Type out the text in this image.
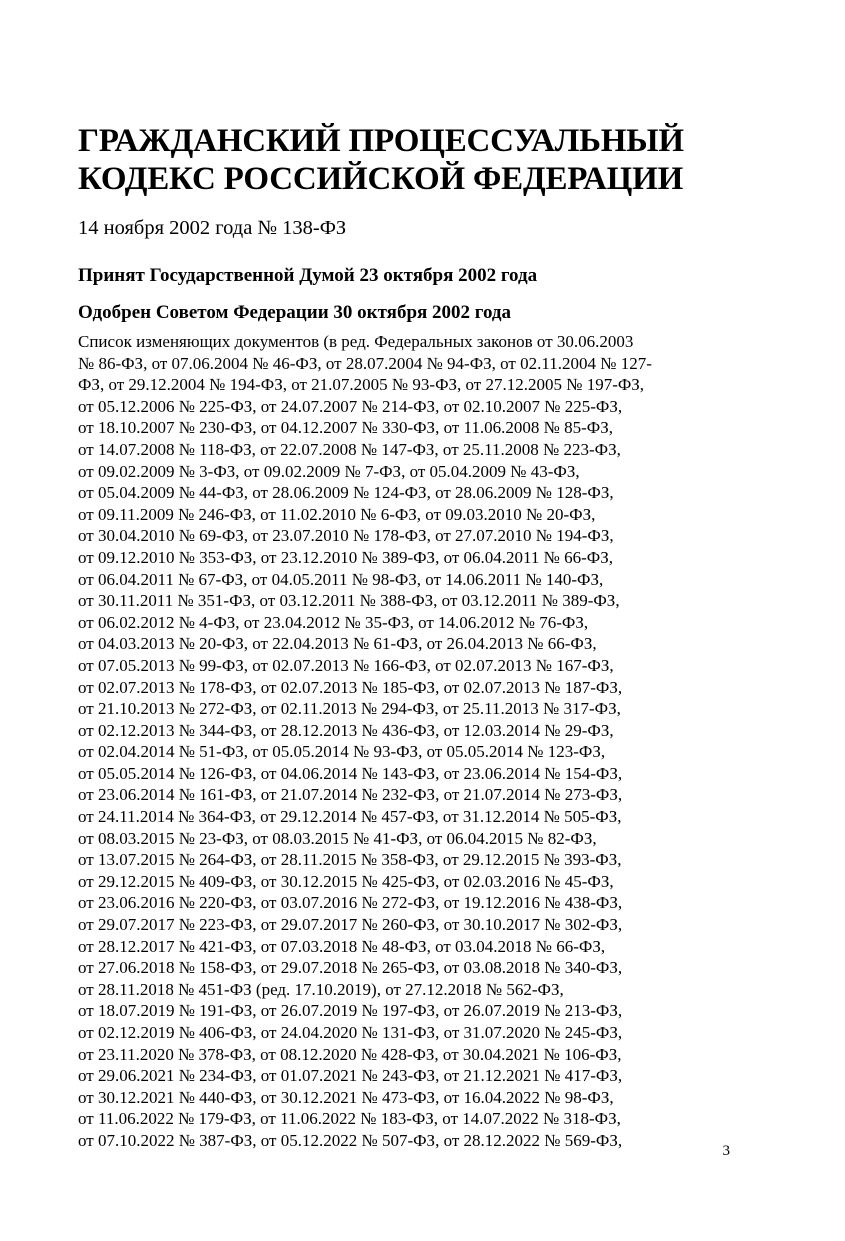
ГРАЖДАНСКИЙ ПРОЦЕССУАЛЬНЫЙ
КОДЕКС РОССИЙСКОЙ ФЕДЕРАЦИИ
14 ноября 2002 года № 138-ФЗ

Принят Государственной Думой 23 октября 2002 года

Одобрен Советом Федерации 30 октября 2002 года

Список изменяющих документов (в ред. Федеральных законов от 30.06.2003
№ 86-ФЗ, от 07.06.2004 № 46-ФЗ, от 28.07.2004 № 94-ФЗ, от 02.11.2004 № 127-
ФЗ, от 29.12.2004 № 194-ФЗ, от 21.07.2005 № 93-ФЗ, от 27.12.2005 № 197-ФЗ,
от 05.12.2006 № 225-ФЗ, от 24.07.2007 № 214-ФЗ, от 02.10.2007 № 225-ФЗ,
от 18.10.2007 № 230-ФЗ, от 04.12.2007 № 330-ФЗ, от 11.06.2008 № 85-ФЗ,
от 14.07.2008 № 118-ФЗ, от 22.07.2008 № 147-ФЗ, от 25.11.2008 № 223-ФЗ,
от 09.02.2009 № 3-ФЗ, от 09.02.2009 № 7-ФЗ, от 05.04.2009 № 43-ФЗ,
от 05.04.2009 № 44-ФЗ, от 28.06.2009 № 124-ФЗ, от 28.06.2009 № 128-ФЗ,
от 09.11.2009 № 246-ФЗ, от 11.02.2010 № 6-ФЗ, от 09.03.2010 № 20-ФЗ,
от 30.04.2010 № 69-ФЗ, от 23.07.2010 № 178-ФЗ, от 27.07.2010 № 194-ФЗ,
от 09.12.2010 № 353-ФЗ, от 23.12.2010 № 389-ФЗ, от 06.04.2011 № 66-ФЗ,
от 06.04.2011 № 67-ФЗ, от 04.05.2011 № 98-ФЗ, от 14.06.2011 № 140-ФЗ,
от 30.11.2011 № 351-ФЗ, от 03.12.2011 № 388-ФЗ, от 03.12.2011 № 389-ФЗ,
от 06.02.2012 № 4-ФЗ, от 23.04.2012 № 35-ФЗ, от 14.06.2012 № 76-ФЗ,
от 04.03.2013 № 20-ФЗ, от 22.04.2013 № 61-ФЗ, от 26.04.2013 № 66-ФЗ,
от 07.05.2013 № 99-ФЗ, от 02.07.2013 № 166-ФЗ, от 02.07.2013 № 167-ФЗ,
от 02.07.2013 № 178-ФЗ, от 02.07.2013 № 185-ФЗ, от 02.07.2013 № 187-ФЗ,
от 21.10.2013 № 272-ФЗ, от 02.11.2013 № 294-ФЗ, от 25.11.2013 № 317-ФЗ,
от 02.12.2013 № 344-ФЗ, от 28.12.2013 № 436-ФЗ, от 12.03.2014 № 29-ФЗ,
от 02.04.2014 № 51-ФЗ, от 05.05.2014 № 93-ФЗ, от 05.05.2014 № 123-ФЗ,
от 05.05.2014 № 126-ФЗ, от 04.06.2014 № 143-ФЗ, от 23.06.2014 № 154-ФЗ,
от 23.06.2014 № 161-ФЗ, от 21.07.2014 № 232-ФЗ, от 21.07.2014 № 273-ФЗ,
от 24.11.2014 № 364-ФЗ, от 29.12.2014 № 457-ФЗ, от 31.12.2014 № 505-ФЗ,
от 08.03.2015 № 23-ФЗ, от 08.03.2015 № 41-ФЗ, от 06.04.2015 № 82-ФЗ,
от 13.07.2015 № 264-ФЗ, от 28.11.2015 № 358-ФЗ, от 29.12.2015 № 393-ФЗ,
от 29.12.2015 № 409-ФЗ, от 30.12.2015 № 425-ФЗ, от 02.03.2016 № 45-ФЗ,
от 23.06.2016 № 220-ФЗ, от 03.07.2016 № 272-ФЗ, от 19.12.2016 № 438-ФЗ,
от 29.07.2017 № 223-ФЗ, от 29.07.2017 № 260-ФЗ, от 30.10.2017 № 302-ФЗ,
от 28.12.2017 № 421-ФЗ, от 07.03.2018 № 48-ФЗ, от 03.04.2018 № 66-ФЗ,
от 27.06.2018 № 158-ФЗ, от 29.07.2018 № 265-ФЗ, от 03.08.2018 № 340-ФЗ,
от 28.11.2018 № 451-ФЗ (ред. 17.10.2019), от 27.12.2018 № 562-ФЗ,
от 18.07.2019 № 191-ФЗ, от 26.07.2019 № 197-ФЗ, от 26.07.2019 № 213-ФЗ,
от 02.12.2019 № 406-ФЗ, от 24.04.2020 № 131-ФЗ, от 31.07.2020 № 245-ФЗ,
от 23.11.2020 № 378-ФЗ, от 08.12.2020 № 428-ФЗ, от 30.04.2021 № 106-ФЗ,
от 29.06.2021 № 234-ФЗ, от 01.07.2021 № 243-ФЗ, от 21.12.2021 № 417-ФЗ,
от 30.12.2021 № 440-ФЗ, от 30.12.2021 № 473-ФЗ, от 16.04.2022 № 98-ФЗ,
от 11.06.2022 № 179-ФЗ, от 11.06.2022 № 183-ФЗ, от 14.07.2022 № 318-ФЗ,
от 07.10.2022 № 387-ФЗ, от 05.12.2022 № 507-ФЗ, от 28.12.2022 № 569-ФЗ,
3
